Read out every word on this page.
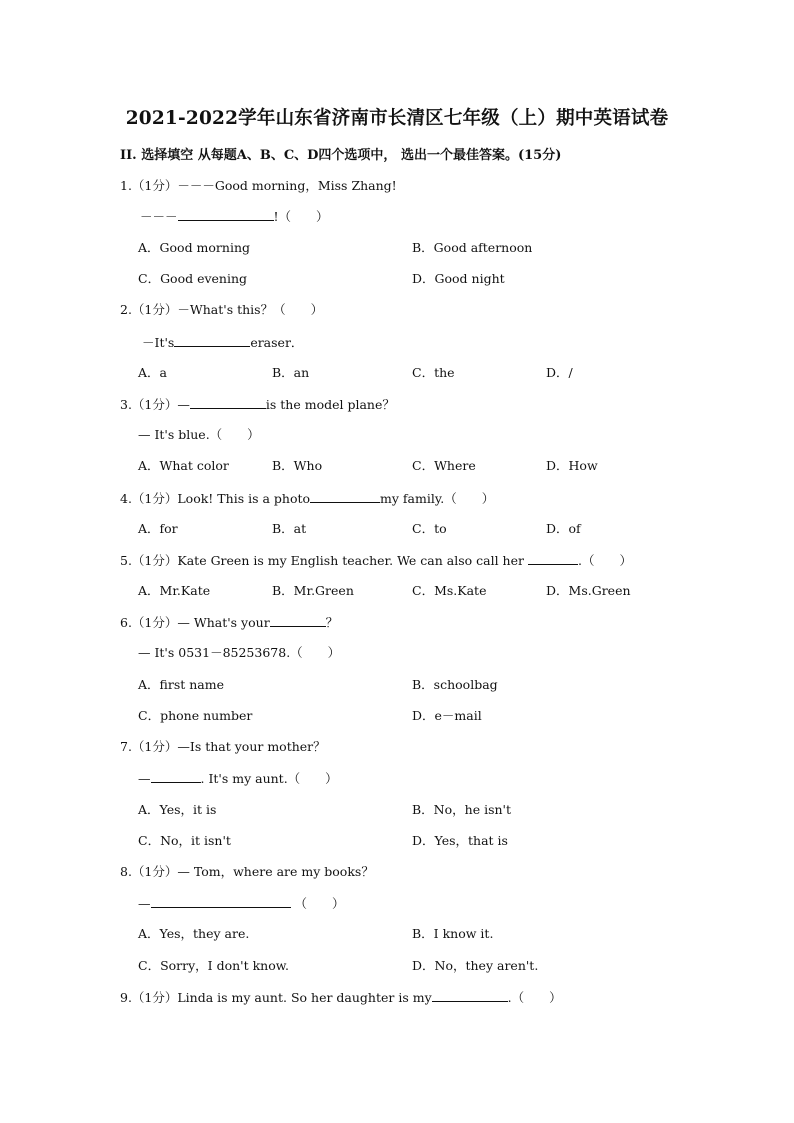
2021-2022学年山东省济南市长清区七年级（上）期中英语试卷
II. 选择填空 从每题A、B、C、D四个选项中， 选出一个最佳答案。(15分)
1.（1分）－－－Good morning，Miss Zhang!
－－－	!（　　）
A．Good morning	B．Good afternoon
C．Good evening	D．Good night
2.（1分）－What's this？（　　）
－It's	eraser．
A．a	B．an	C．the	D．/
3.（1分）—	is the model plane？
— It's blue.（　　）
A．What color	B．Who	C．Where	D．How
4.（1分）Look! This is a photo	my family.（　　）
A．for	B．at	C．to	D．of
5.（1分）Kate Green is my English teacher. We can also call her	.（　　）
A．Mr.Kate	B．Mr.Green	C．Ms.Kate	D．Ms.Green
6.（1分）— What's your	？
— It's 0531－85253678.（　　）
A．first name	B．schoolbag
C．phone number	D．e－mail
7.（1分）—Is that your mother？
—	. It's my aunt.（　　）
A．Yes，it is	B．No，he isn't
C．No，it isn't	D．Yes，that is
8.（1分）— Tom，where are my books？
—	（　　）
A．Yes，they are.	B．I know it.
C．Sorry，I don't know.	D．No，they aren't.
9.（1分）Linda is my aunt. So her daughter is my	.（　　）
